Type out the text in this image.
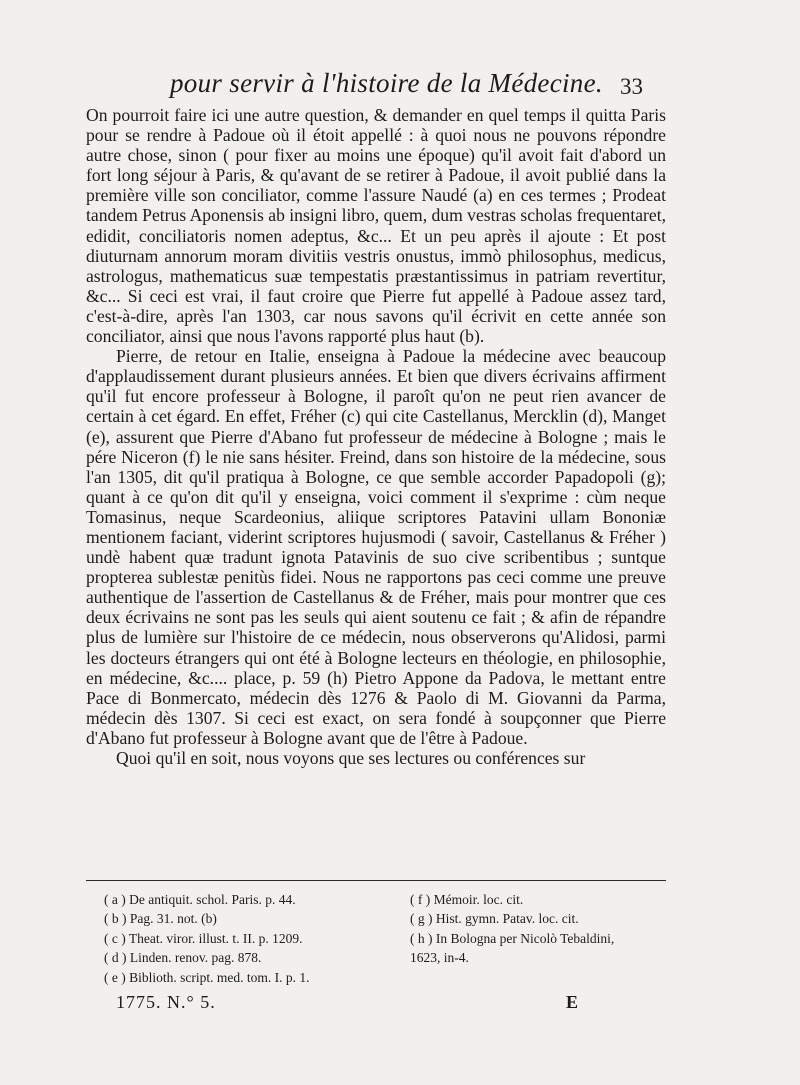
pour servir à l'histoire de la Médecine. 33

On pourroit faire ici une autre question, & demander en quel temps il quitta Paris pour se rendre à Padoue où il étoit appellé : à quoi nous ne pouvons répondre autre chose, sinon ( pour fixer au moins une époque) qu'il avoit fait d'abord un fort long séjour à Paris, & qu'avant de se retirer à Padoue, il avoit publié dans la première ville son conciliator, comme l'assure Naudé (a) en ces termes ; Prodeat tandem Petrus Aponensis ab insigni libro, quem, dum vestras scholas frequentaret, edidit, conciliatoris nomen adeptus, &c... Et un peu après il ajoute : Et post diuturnam annorum moram divitiis vestris onustus, immò philosophus, medicus, astrologus, mathematicus suæ tempestatis præstantissimus in patriam revertitur, &c... Si ceci est vrai, il faut croire que Pierre fut appellé à Padoue assez tard, c'est-à-dire, après l'an 1303, car nous savons qu'il écrivit en cette année son conciliator, ainsi que nous l'avons rapporté plus haut (b).

Pierre, de retour en Italie, enseigna à Padoue la médecine avec beaucoup d'applaudissement durant plusieurs années. Et bien que divers écrivains affirment qu'il fut encore professeur à Bologne, il paroît qu'on ne peut rien avancer de certain à cet égard. En effet, Fréher (c) qui cite Castellanus, Mercklin (d), Manget (e), assurent que Pierre d'Abano fut professeur de médecine à Bologne ; mais le pére Niceron (f) le nie sans hésiter. Freind, dans son histoire de la médecine, sous l'an 1305, dit qu'il pratiqua à Bologne, ce que semble accorder Papadopoli (g); quant à ce qu'on dit qu'il y enseigna, voici comment il s'exprime : cùm neque Tomasinus, neque Scardeonius, aliique scriptores Patavini ullam Bononiæ mentionem faciant, viderint scriptores hujusmodi ( savoir, Castellanus & Fréher ) undè habent quæ tradunt ignota Patavinis de suo cive scribentibus ; suntque propterea sublestæ penitùs fidei. Nous ne rapportons pas ceci comme une preuve authentique de l'assertion de Castellanus & de Fréher, mais pour montrer que ces deux écrivains ne sont pas les seuls qui aient soutenu ce fait ; & afin de répandre plus de lumière sur l'histoire de ce médecin, nous observerons qu'Alidosi, parmi les docteurs étrangers qui ont été à Bologne lecteurs en théologie, en philosophie, en médecine, &c.... place, p. 59 (h) Pietro Appone da Padova, le mettant entre Pace di Bonmercato, médecin dès 1276 & Paolo di M. Giovanni da Parma, médecin dès 1307. Si ceci est exact, on sera fondé à soupçonner que Pierre d'Abano fut professeur à Bologne avant que de l'être à Padoue.

Quoi qu'il en soit, nous voyons que ses lectures ou conférences sur

( a ) De antiquit. schol. Paris. p. 44.
( b ) Pag. 31. not. (b)
( c ) Theat. viror. illust. t. II. p. 1209.
( d ) Linden. renov. pag. 878.
( e ) Biblioth. script. med. tom. I. p. 1.
( f ) Mémoir. loc. cit.
( g ) Hist. gymn. Patav. loc. cit.
( h ) In Bologna per Nicolò Tebaldini,
1623, in-4.
1775. N.° 5.	E
